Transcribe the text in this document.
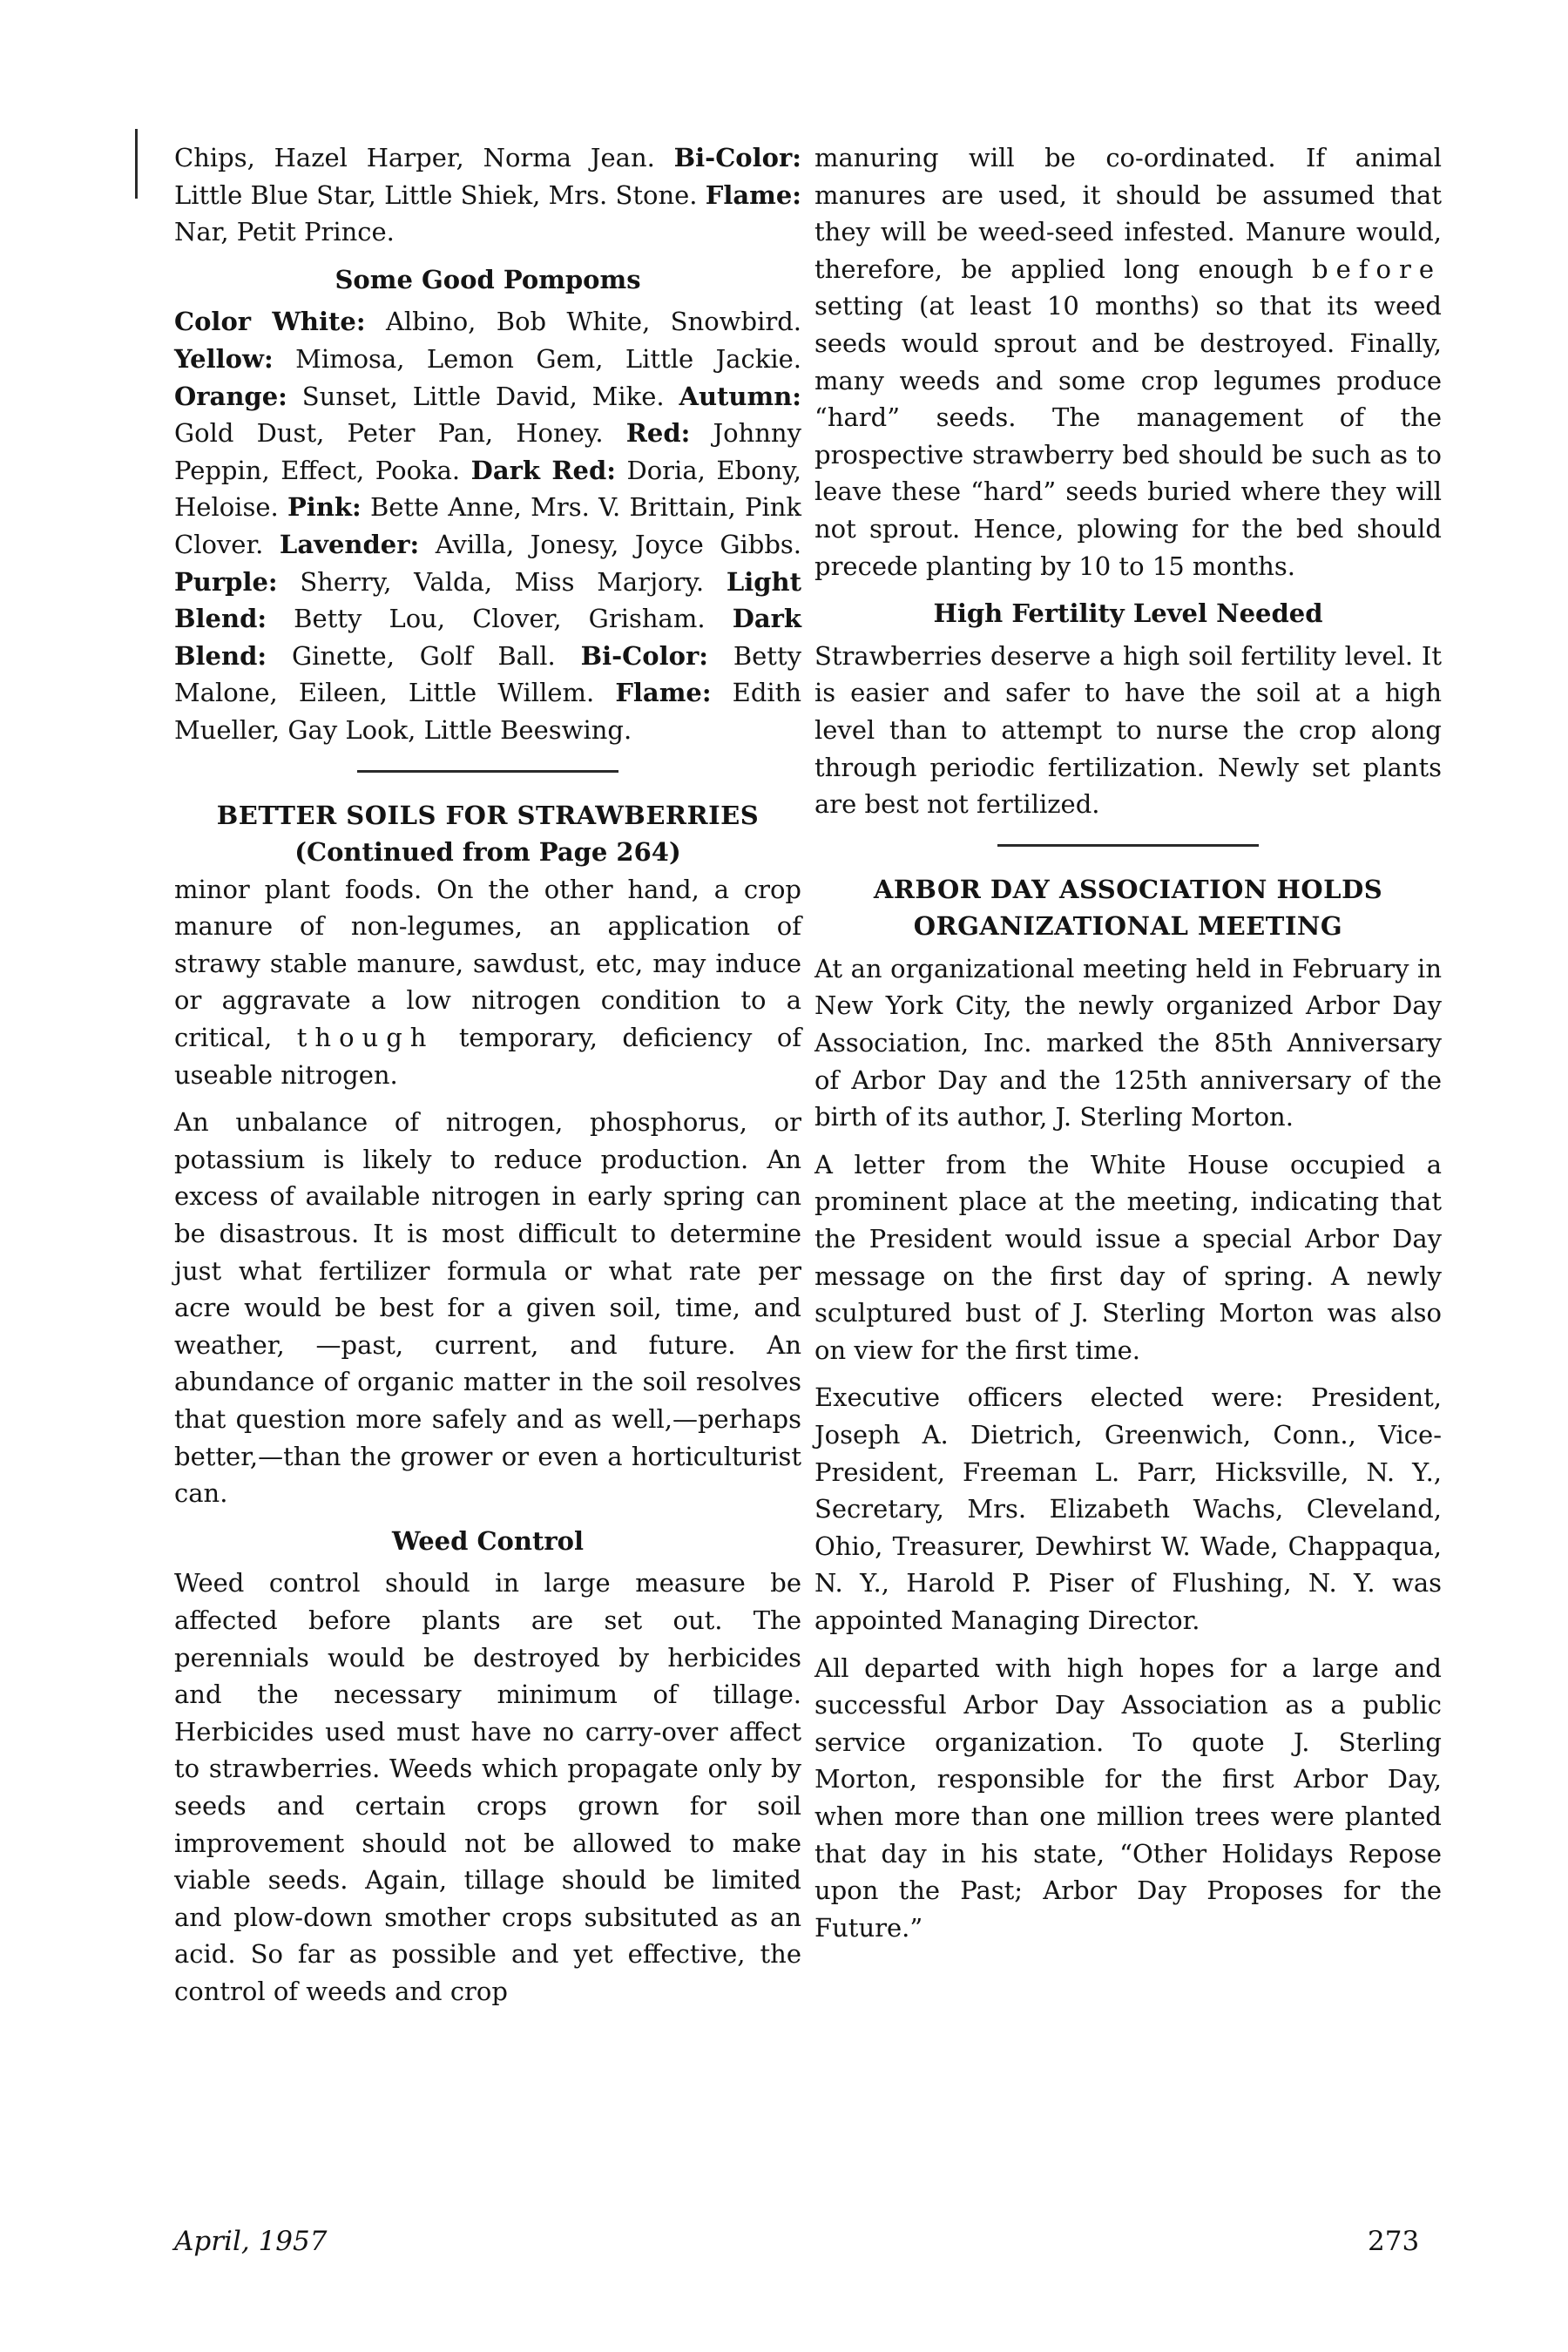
Chips, Hazel Harper, Norma Jean. Bi-Color: Little Blue Star, Little Shiek, Mrs. Stone. Flame: Nar, Petit Prince.

Some Good Pompoms

Color White: Albino, Bob White, Snowbird. Yellow: Mimosa, Lemon Gem, Little Jackie. Orange: Sunset, Little David, Mike. Autumn: Gold Dust, Peter Pan, Honey. Red: Johnny Peppin, Effect, Pooka. Dark Red: Doria, Ebony, Heloise. Pink: Bette Anne, Mrs. V. Brittain, Pink Clover. Lavender: Avilla, Jonesy, Joyce Gibbs. Purple: Sherry, Valda, Miss Marjory. Light Blend: Betty Lou, Clover, Grisham. Dark Blend: Ginette, Golf Ball. Bi-Color: Betty Malone, Eileen, Little Willem. Flame: Edith Mueller, Gay Look, Little Beeswing.

BETTER SOILS FOR STRAWBERRIES
(Continued from Page 264)

minor plant foods. On the other hand, a crop manure of non-legumes, an application of strawy stable manure, sawdust, etc, may induce or aggravate a low nitrogen condition to a critical, though temporary, deficiency of useable nitrogen.

An unbalance of nitrogen, phosphorus, or potassium is likely to reduce production. An excess of available nitrogen in early spring can be disastrous. It is most difficult to determine just what fertilizer formula or what rate per acre would be best for a given soil, time, and weather, —past, current, and future. An abundance of organic matter in the soil resolves that question more safely and as well,—perhaps better,—than the grower or even a horticulturist can.

Weed Control

Weed control should in large measure be affected before plants are set out. The perennials would be destroyed by herbicides and the necessary minimum of tillage. Herbicides used must have no carry-over affect to strawberries. Weeds which propagate only by seeds and certain crops grown for soil improvement should not be allowed to make viable seeds. Again, tillage should be limited and plow-down smother crops subsituted as an acid. So far as possible and yet effective, the control of weeds and crop

manuring will be co-ordinated. If animal manures are used, it should be assumed that they will be weed-seed infested. Manure would, therefore, be applied long enough before setting (at least 10 months) so that its weed seeds would sprout and be destroyed. Finally, many weeds and some crop legumes produce “hard” seeds. The management of the prospective strawberry bed should be such as to leave these “hard” seeds buried where they will not sprout. Hence, plowing for the bed should precede planting by 10 to 15 months.

High Fertility Level Needed

Strawberries deserve a high soil fertility level. It is easier and safer to have the soil at a high level than to attempt to nurse the crop along through periodic fertilization. Newly set plants are best not fertilized.

ARBOR DAY ASSOCIATION HOLDS ORGANIZATIONAL MEETING

At an organizational meeting held in February in New York City, the newly organized Arbor Day Association, Inc. marked the 85th Anniversary of Arbor Day and the 125th anniversary of the birth of its author, J. Sterling Morton.

A letter from the White House occupied a prominent place at the meeting, indicating that the President would issue a special Arbor Day message on the first day of spring. A newly sculptured bust of J. Sterling Morton was also on view for the first time.

Executive officers elected were: President, Joseph A. Dietrich, Greenwich, Conn., Vice-President, Freeman L. Parr, Hicksville, N. Y., Secretary, Mrs. Elizabeth Wachs, Cleveland, Ohio, Treasurer, Dewhirst W. Wade, Chappaqua, N. Y., Harold P. Piser of Flushing, N. Y. was appointed Managing Director.

All departed with high hopes for a large and successful Arbor Day Association as a public service organization. To quote J. Sterling Morton, responsible for the first Arbor Day, when more than one million trees were planted that day in his state, “Other Holidays Repose upon the Past; Arbor Day Proposes for the Future.”

April, 1957	273
